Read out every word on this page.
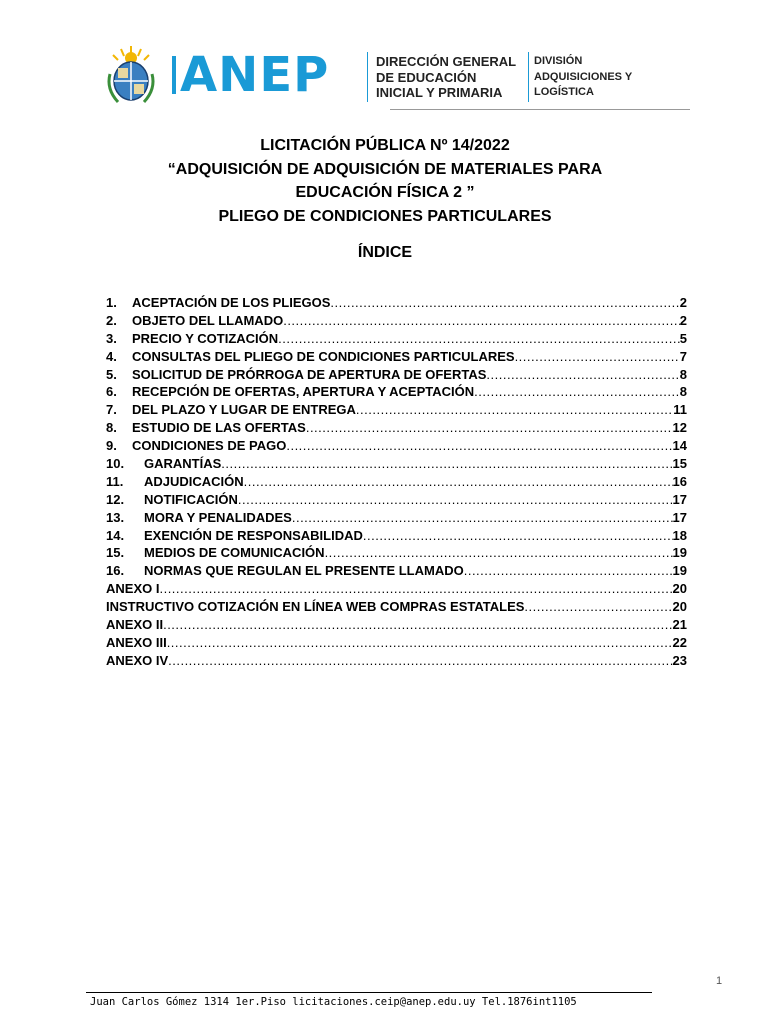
ANEP	DIRECCIÓN GENERAL
DE EDUCACIÓN
INICIAL Y PRIMARIA
DIVISIÓN
ADQUISICIONES Y
LOGÍSTICA
LICITACIÓN PÚBLICA Nº 14/2022
“ADQUISICIÓN DE ADQUISICIÓN DE MATERIALES PARA
EDUCACIÓN FÍSICA 2 ”
PLIEGO DE CONDICIONES PARTICULARES
ÍNDICE
1.	ACEPTACIÓN DE LOS PLIEGOS .....	2
2.	OBJETO DEL LLAMADO .....	2
3.	PRECIO Y COTIZACIÓN .....	5
4.	CONSULTAS DEL PLIEGO DE CONDICIONES PARTICULARES .....	7
5.	SOLICITUD DE PRÓRROGA DE APERTURA DE OFERTAS .....	8
6.	RECEPCIÓN DE OFERTAS, APERTURA Y ACEPTACIÓN .....	8
7.	DEL PLAZO Y LUGAR DE ENTREGA .....	11
8.	ESTUDIO DE LAS OFERTAS .....	12
9.	CONDICIONES DE PAGO .....	14
10.	GARANTÍAS .....	15
11.	ADJUDICACIÓN .....	16
12.	NOTIFICACIÓN .....	17
13.	MORA Y PENALIDADES .....	17
14.	EXENCIÓN DE RESPONSABILIDAD .....	18
15.	MEDIOS DE COMUNICACIÓN .....	19
16.	NORMAS QUE REGULAN EL PRESENTE LLAMADO .....	19
ANEXO I .....	20
INSTRUCTIVO COTIZACIÓN EN LÍNEA WEB COMPRAS ESTATALES .....	20
ANEXO II .....	21
ANEXO III .....	22
ANEXO IV .....	23
1
Juan Carlos Gómez 1314 1er.Piso licitaciones.ceip@anep.edu.uy Tel.1876int1105
